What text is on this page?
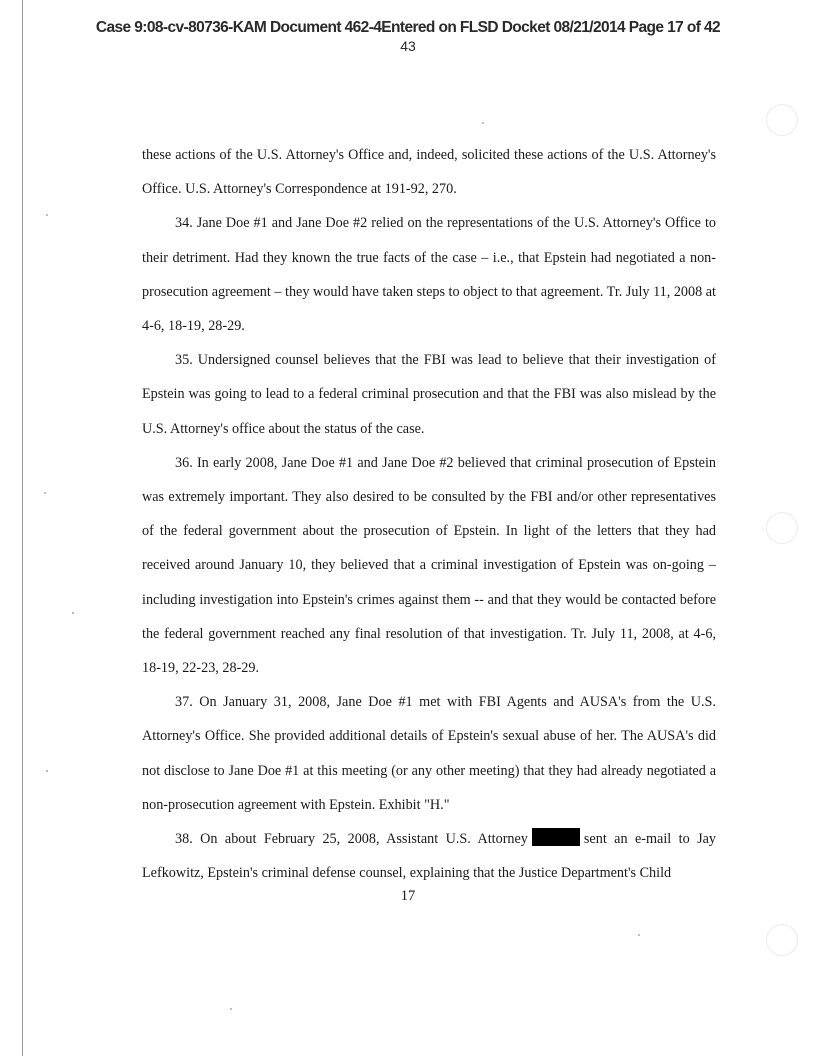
Case 9:08-cv-80736-KAM Document 462-4Entered on FLSD Docket 08/21/2014 Page 17 of 42
43

these actions of the U.S. Attorney's Office and, indeed, solicited these actions of the U.S. Attorney's Office. U.S. Attorney's Correspondence at 191-92, 270.

34. Jane Doe #1 and Jane Doe #2 relied on the representations of the U.S. Attorney's Office to their detriment. Had they known the true facts of the case – i.e., that Epstein had negotiated a non-prosecution agreement – they would have taken steps to object to that agreement. Tr. July 11, 2008 at 4-6, 18-19, 28-29.

35. Undersigned counsel believes that the FBI was lead to believe that their investigation of Epstein was going to lead to a federal criminal prosecution and that the FBI was also mislead by the U.S. Attorney's office about the status of the case.

36. In early 2008, Jane Doe #1 and Jane Doe #2 believed that criminal prosecution of Epstein was extremely important. They also desired to be consulted by the FBI and/or other representatives of the federal government about the prosecution of Epstein. In light of the letters that they had received around January 10, they believed that a criminal investigation of Epstein was on-going – including investigation into Epstein's crimes against them -- and that they would be contacted before the federal government reached any final resolution of that investigation. Tr. July 11, 2008, at 4-6, 18-19, 22-23, 28-29.

37. On January 31, 2008, Jane Doe #1 met with FBI Agents and AUSA's from the U.S. Attorney's Office. She provided additional details of Epstein's sexual abuse of her. The AUSA's did not disclose to Jane Doe #1 at this meeting (or any other meeting) that they had already negotiated a non-prosecution agreement with Epstein. Exhibit "H."

38. On about February 25, 2008, Assistant U.S. Attorney	sent an e-mail to Jay Lefkowitz, Epstein's criminal defense counsel, explaining that the Justice Department's Child

17
